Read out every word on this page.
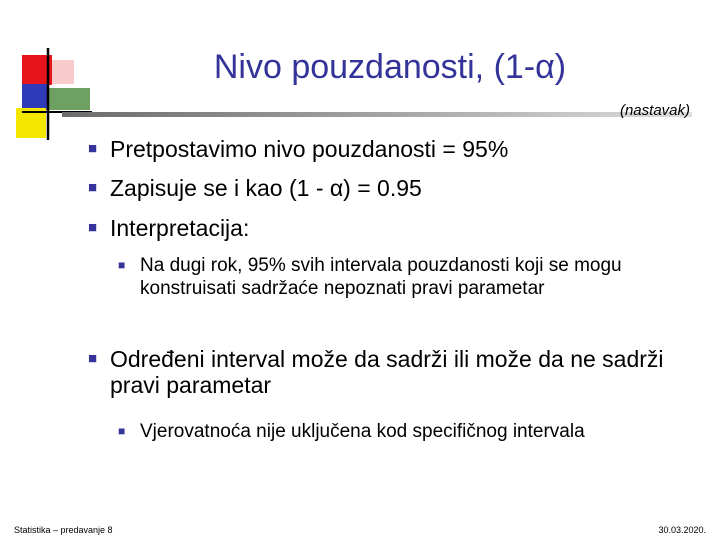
Nivo pouzdanosti, (1-α)
(nastavak)
■ Pretpostavimo nivo pouzdanosti = 95%
■ Zapisuje se i kao (1 - α) = 0.95
■ Interpretacija:
■ Na dugi rok, 95% svih intervala pouzdanosti koji se mogu konstruisati sadržaće nepoznati pravi parametar
■ Određeni interval može da sadrži ili može da ne sadrži pravi parametar
■ Vjerovatnoća nije uključena kod specifičnog intervala
Statistika – predavanje 8	30.03.2020.
